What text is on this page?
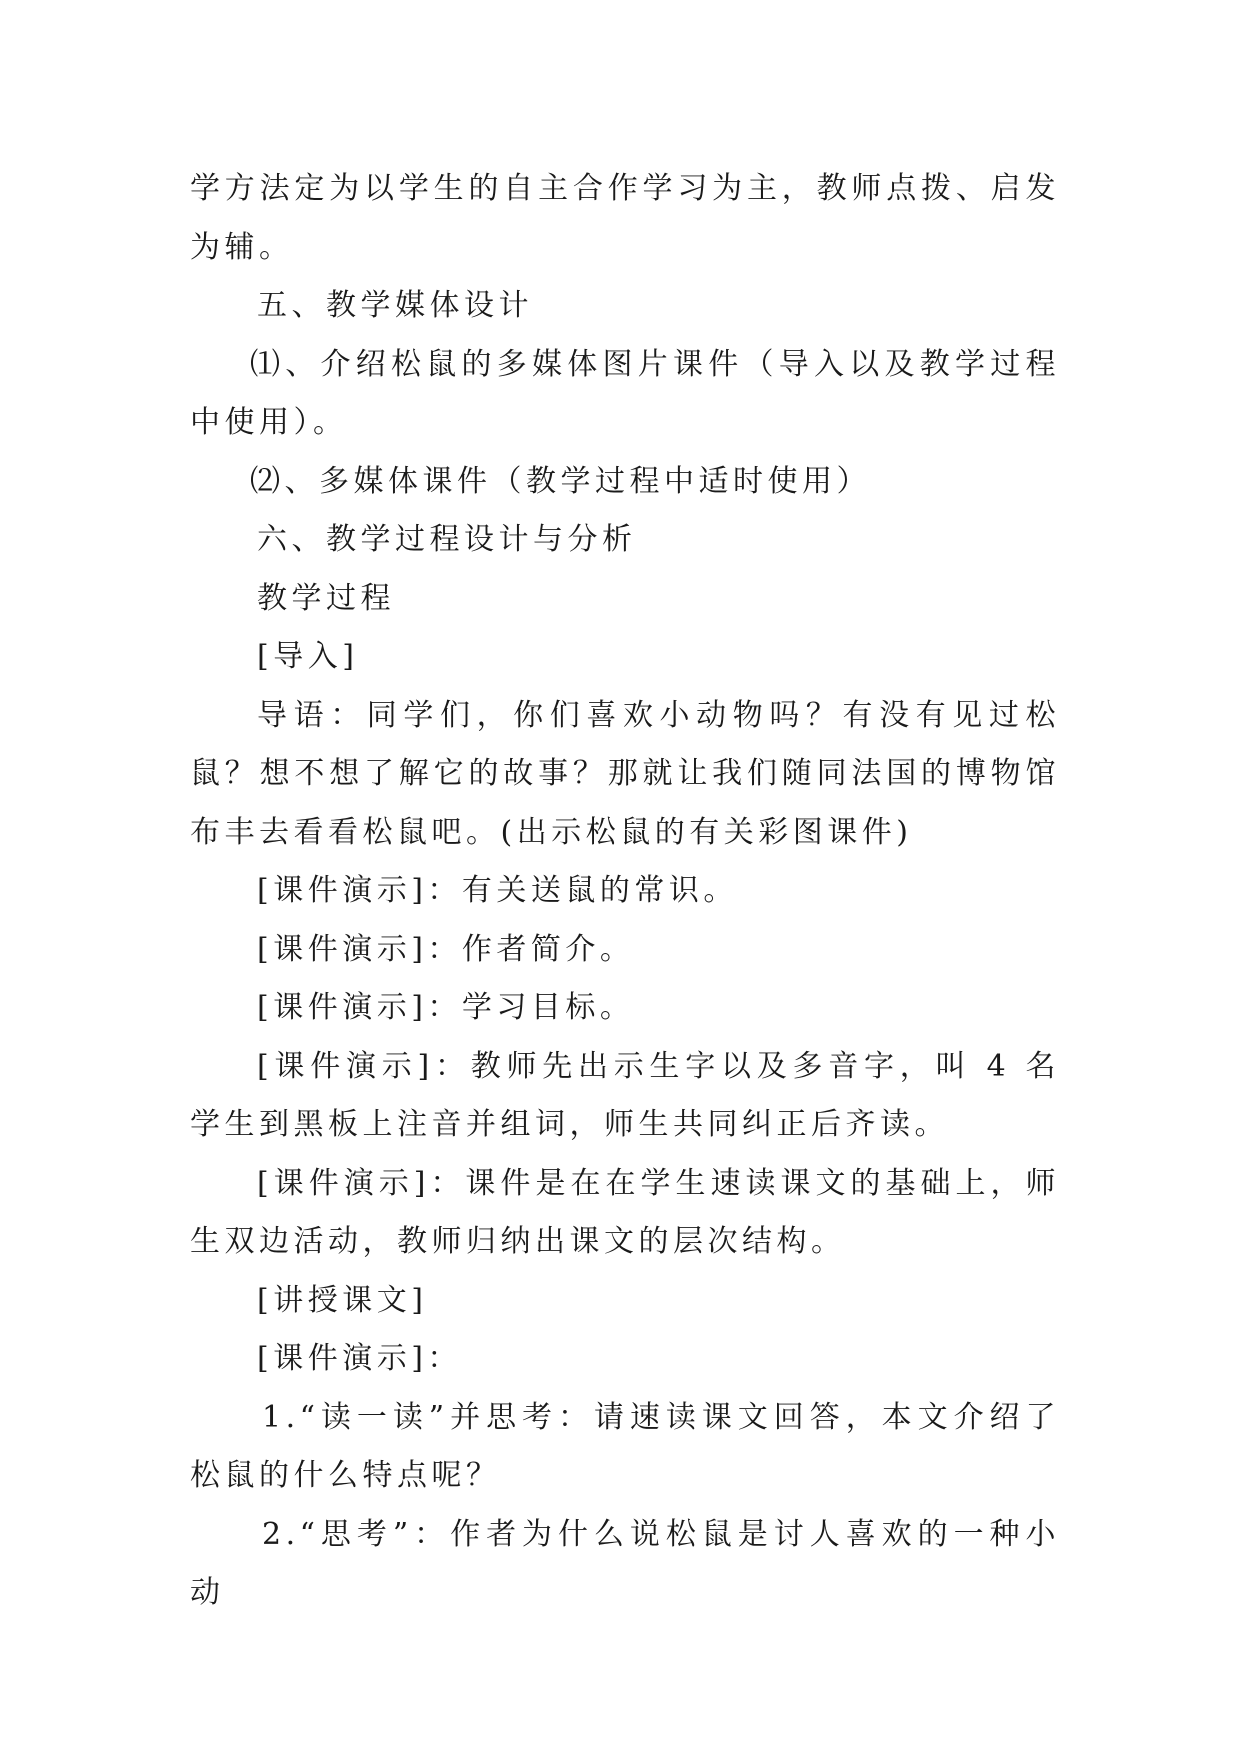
学方法定为以学生的自主合作学习为主，教师点拨、启发为辅。

五、教学媒体设计

⑴、介绍松鼠的多媒体图片课件（导入以及教学过程中使用）。

⑵、多媒体课件（教学过程中适时使用）

六、教学过程设计与分析

教学过程

[导入]

导语：同学们，你们喜欢小动物吗？有没有见过松鼠？想不想了解它的故事？那就让我们随同法国的博物馆布丰去看看松鼠吧。(出示松鼠的有关彩图课件)

[课件演示]：有关送鼠的常识。

[课件演示]：作者简介。

[课件演示]：学习目标。

[课件演示]：教师先出示生字以及多音字，叫 4 名学生到黑板上注音并组词，师生共同纠正后齐读。

[课件演示]：课件是在在学生速读课文的基础上，师生双边活动，教师归纳出课文的层次结构。

[讲授课文]

[课件演示]：

1.“读一读”并思考：请速读课文回答，本文介绍了松鼠的什么特点呢？

2.“思考”：作者为什么说松鼠是讨人喜欢的一种小动
